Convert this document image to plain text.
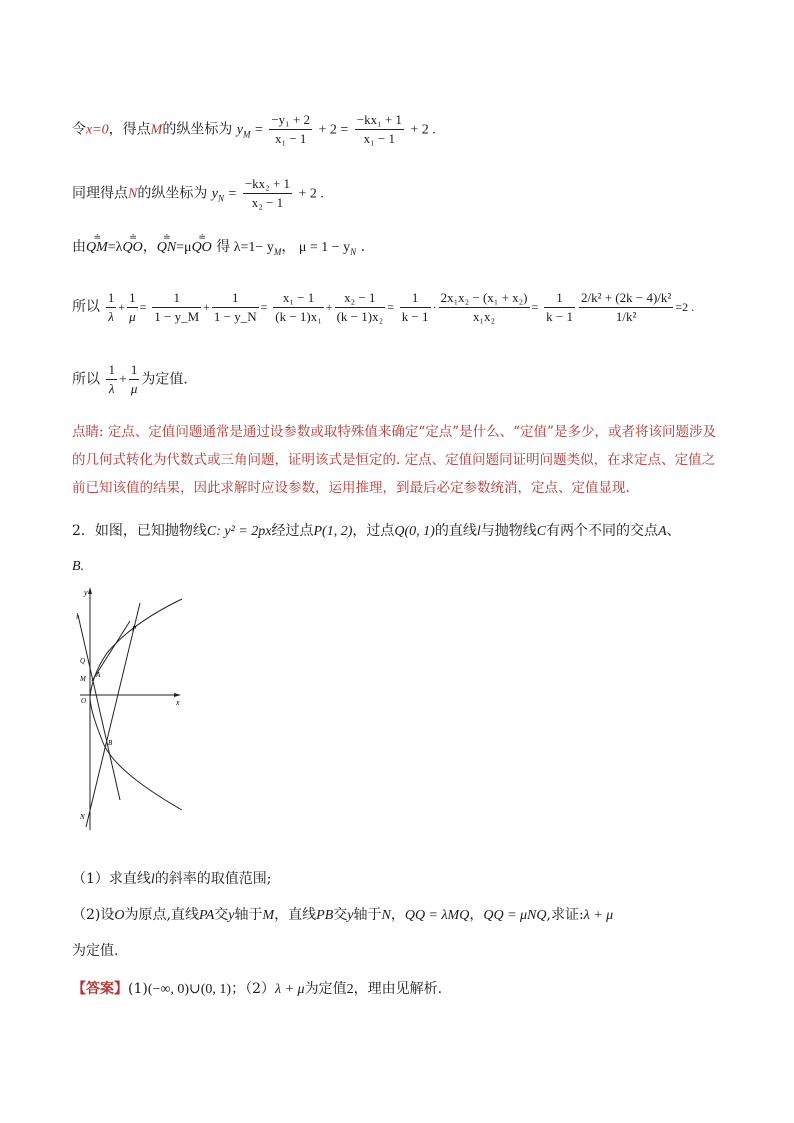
令x=0，得点M的纵坐标为 $y_M = \frac{\text{−y₁ + 2}}{\text{x₁ − 1}} + 2 = \frac{\text{−kx₁ + 1}}{\text{x₁ − 1}} + 2$ .
同理得点N的纵坐标为 $y_N = \frac{\text{−kx₂ + 1}}{\text{x₂ − 1}} + 2$ .
由≐ QM=λ≐ QO，≐ QN=μ≐ QO 得 $\lambda=1- y_M$， $\mu = 1 - y_N$ .
所以 $\frac{1}{\lambda} + \frac{1}{\mu} = \frac{1}{1 - y\_M} + \frac{1}{1 - y\_N} = \frac{\text{x₁ − 1}}{\text{(k − 1)x₁}} + \frac{\text{x₂ − 1}}{\text{(k − 1)x₂}} = \frac{1}{k - 1} \cdot \frac{\text{2x₁x₂ − (x₁ + x₂)}}{\text{x₁x₂}} = \frac{1}{k - 1} \frac{\text{2/k² + (2k − 4)/k²}}{\text{1/k²}} =2$ .
所以 $\frac{1}{\lambda} + \frac{1}{\mu}$ 为定值.
点睛: 定点、定值问题通常是通过设参数或取特殊值来确定“定点”是什么、“定值”是多少，或者将该问题涉及的几何式转化为代数式或三角问题，证明该式是恒定的. 定点、定值问题同证明问题类似，在求定点、定值之前已知该值的结果，因此求解时应设参数，运用推理，到最后必定参数统消，定点、定值显现.
2．如图，已知抛物线C: y² = 2px经过点P(1, 2)，过点Q(0, 1)的直线l与抛物线C有两个不同的交点A、
B.
y
l
P
Q
M A
O	x
B
N
（1）求直线l的斜率的取值范围;
（2)设O为原点,直线PA交y轴于M，直线PB交y轴于N，QQ = λMQ，QQ = μNQ,求证:λ + μ
为定值.
【答案】(1)(−∞, 0)∪(0, 1)；（2）λ + μ为定值2，理由见解析.
